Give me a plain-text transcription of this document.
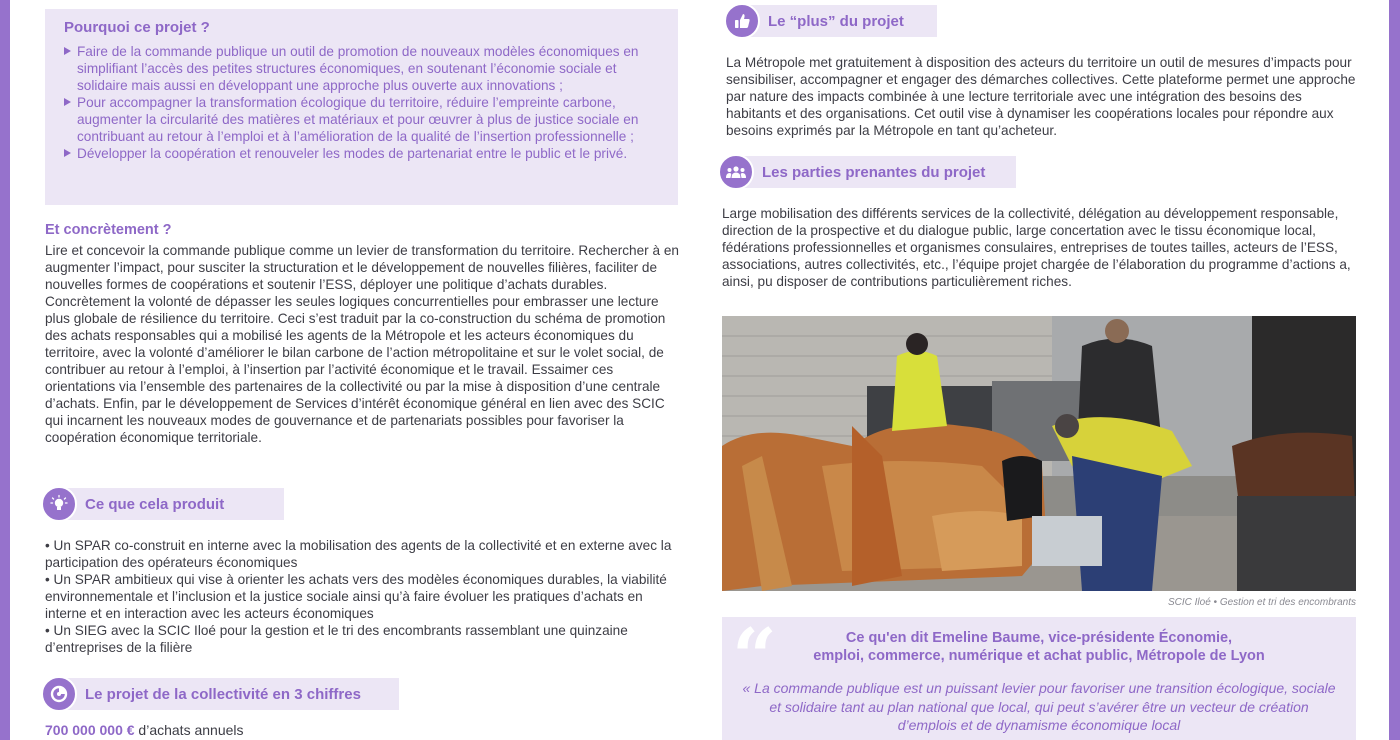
Pourquoi ce projet ?
Faire de la commande publique un outil de promotion de nouveaux modèles économiques en simplifiant l’accès des petites structures économiques, en soutenant l’économie sociale et solidaire mais aussi en développant une approche plus ouverte aux innovations ;
Pour accompagner la transformation écologique du territoire, réduire l’empreinte carbone, augmenter la circularité des matières et matériaux et pour œuvrer à plus de justice sociale en contribuant au retour à l’emploi et à l’amélioration de la qualité de l’insertion professionnelle ;
Développer la coopération et renouveler les modes de partenariat entre le public et le privé.
Et concrètement ?

Lire et concevoir la commande publique comme un levier de transformation du territoire. Rechercher à en augmenter l’impact, pour susciter la structuration et le développement de nouvelles filières, faciliter de nouvelles formes de coopérations et soutenir l’ESS, déployer une politique d’achats durables. Concrètement la volonté de dépasser les seules logiques concurrentielles pour embrasser une lecture plus globale de résilience du territoire. Ceci s’est traduit par la co-construction du schéma de promotion des achats responsables qui a mobilisé les agents de la Métropole et les acteurs économiques du territoire, avec la volonté d’améliorer le bilan carbone de l’action métropolitaine et sur le volet social, de contribuer au retour à l’emploi, à l’insertion par l’activité économique et le travail. Essaimer ces orientations via l’ensemble des partenaires de la collectivité ou par la mise à disposition d’une centrale d’achats. Enfin, par le développement de Services d’intérêt économique général en lien avec des SCIC qui incarnent les nouveaux modes de gouvernance et de partenariats possibles pour favoriser la coopération économique territoriale.

Ce que cela produit
• Un SPAR co-construit en interne avec la mobilisation des agents de la collectivité et en externe avec la participation des opérateurs économiques
• Un SPAR ambitieux qui vise à orienter les achats vers des modèles économiques durables, la viabilité environnementale et l’inclusion et la justice sociale ainsi qu’à faire évoluer les pratiques d’achats en interne et en interaction avec les acteurs économiques
• Un SIEG avec la SCIC Iloé pour la gestion et le tri des encombrants rassemblant une quinzaine d’entreprises de la filière
Le projet de la collectivité en 3 chiffres
700 000 000 € d’achats annuels
Le “plus” du projet

La Métropole met gratuitement à disposition des acteurs du territoire un outil de mesures d’impacts pour sensibiliser, accompagner et engager des démarches collectives. Cette plateforme permet une approche par nature des impacts combinée à une lecture territoriale avec une intégration des besoins des habitants et des organisations. Cet outil vise à dynamiser les coopérations locales pour répondre aux besoins exprimés par la Métropole en tant qu’acheteur.

Les parties prenantes du projet

Large mobilisation des différents services de la collectivité, délégation au développement responsable, direction de la prospective et du dialogue public, large concertation avec le tissu économique local, fédérations professionnelles et organismes consulaires, entreprises de toutes tailles, acteurs de l’ESS, associations, autres collectivités, etc., l’équipe projet chargée de l’élaboration du programme d’actions a, ainsi, pu disposer de contributions particulièrement riches.

SCIC Iloé • Gestion et tri des encombrants
“	Ce qu'en dit Emeline Baume, vice-présidente Économie,
emploi, commerce, numérique et achat public, Métropole de Lyon
« La commande publique est un puissant levier pour favoriser une transition écologique, sociale et solidaire tant au plan national que local, qui peut s’avérer être un vecteur de création d’emplois et de dynamisme économique local
